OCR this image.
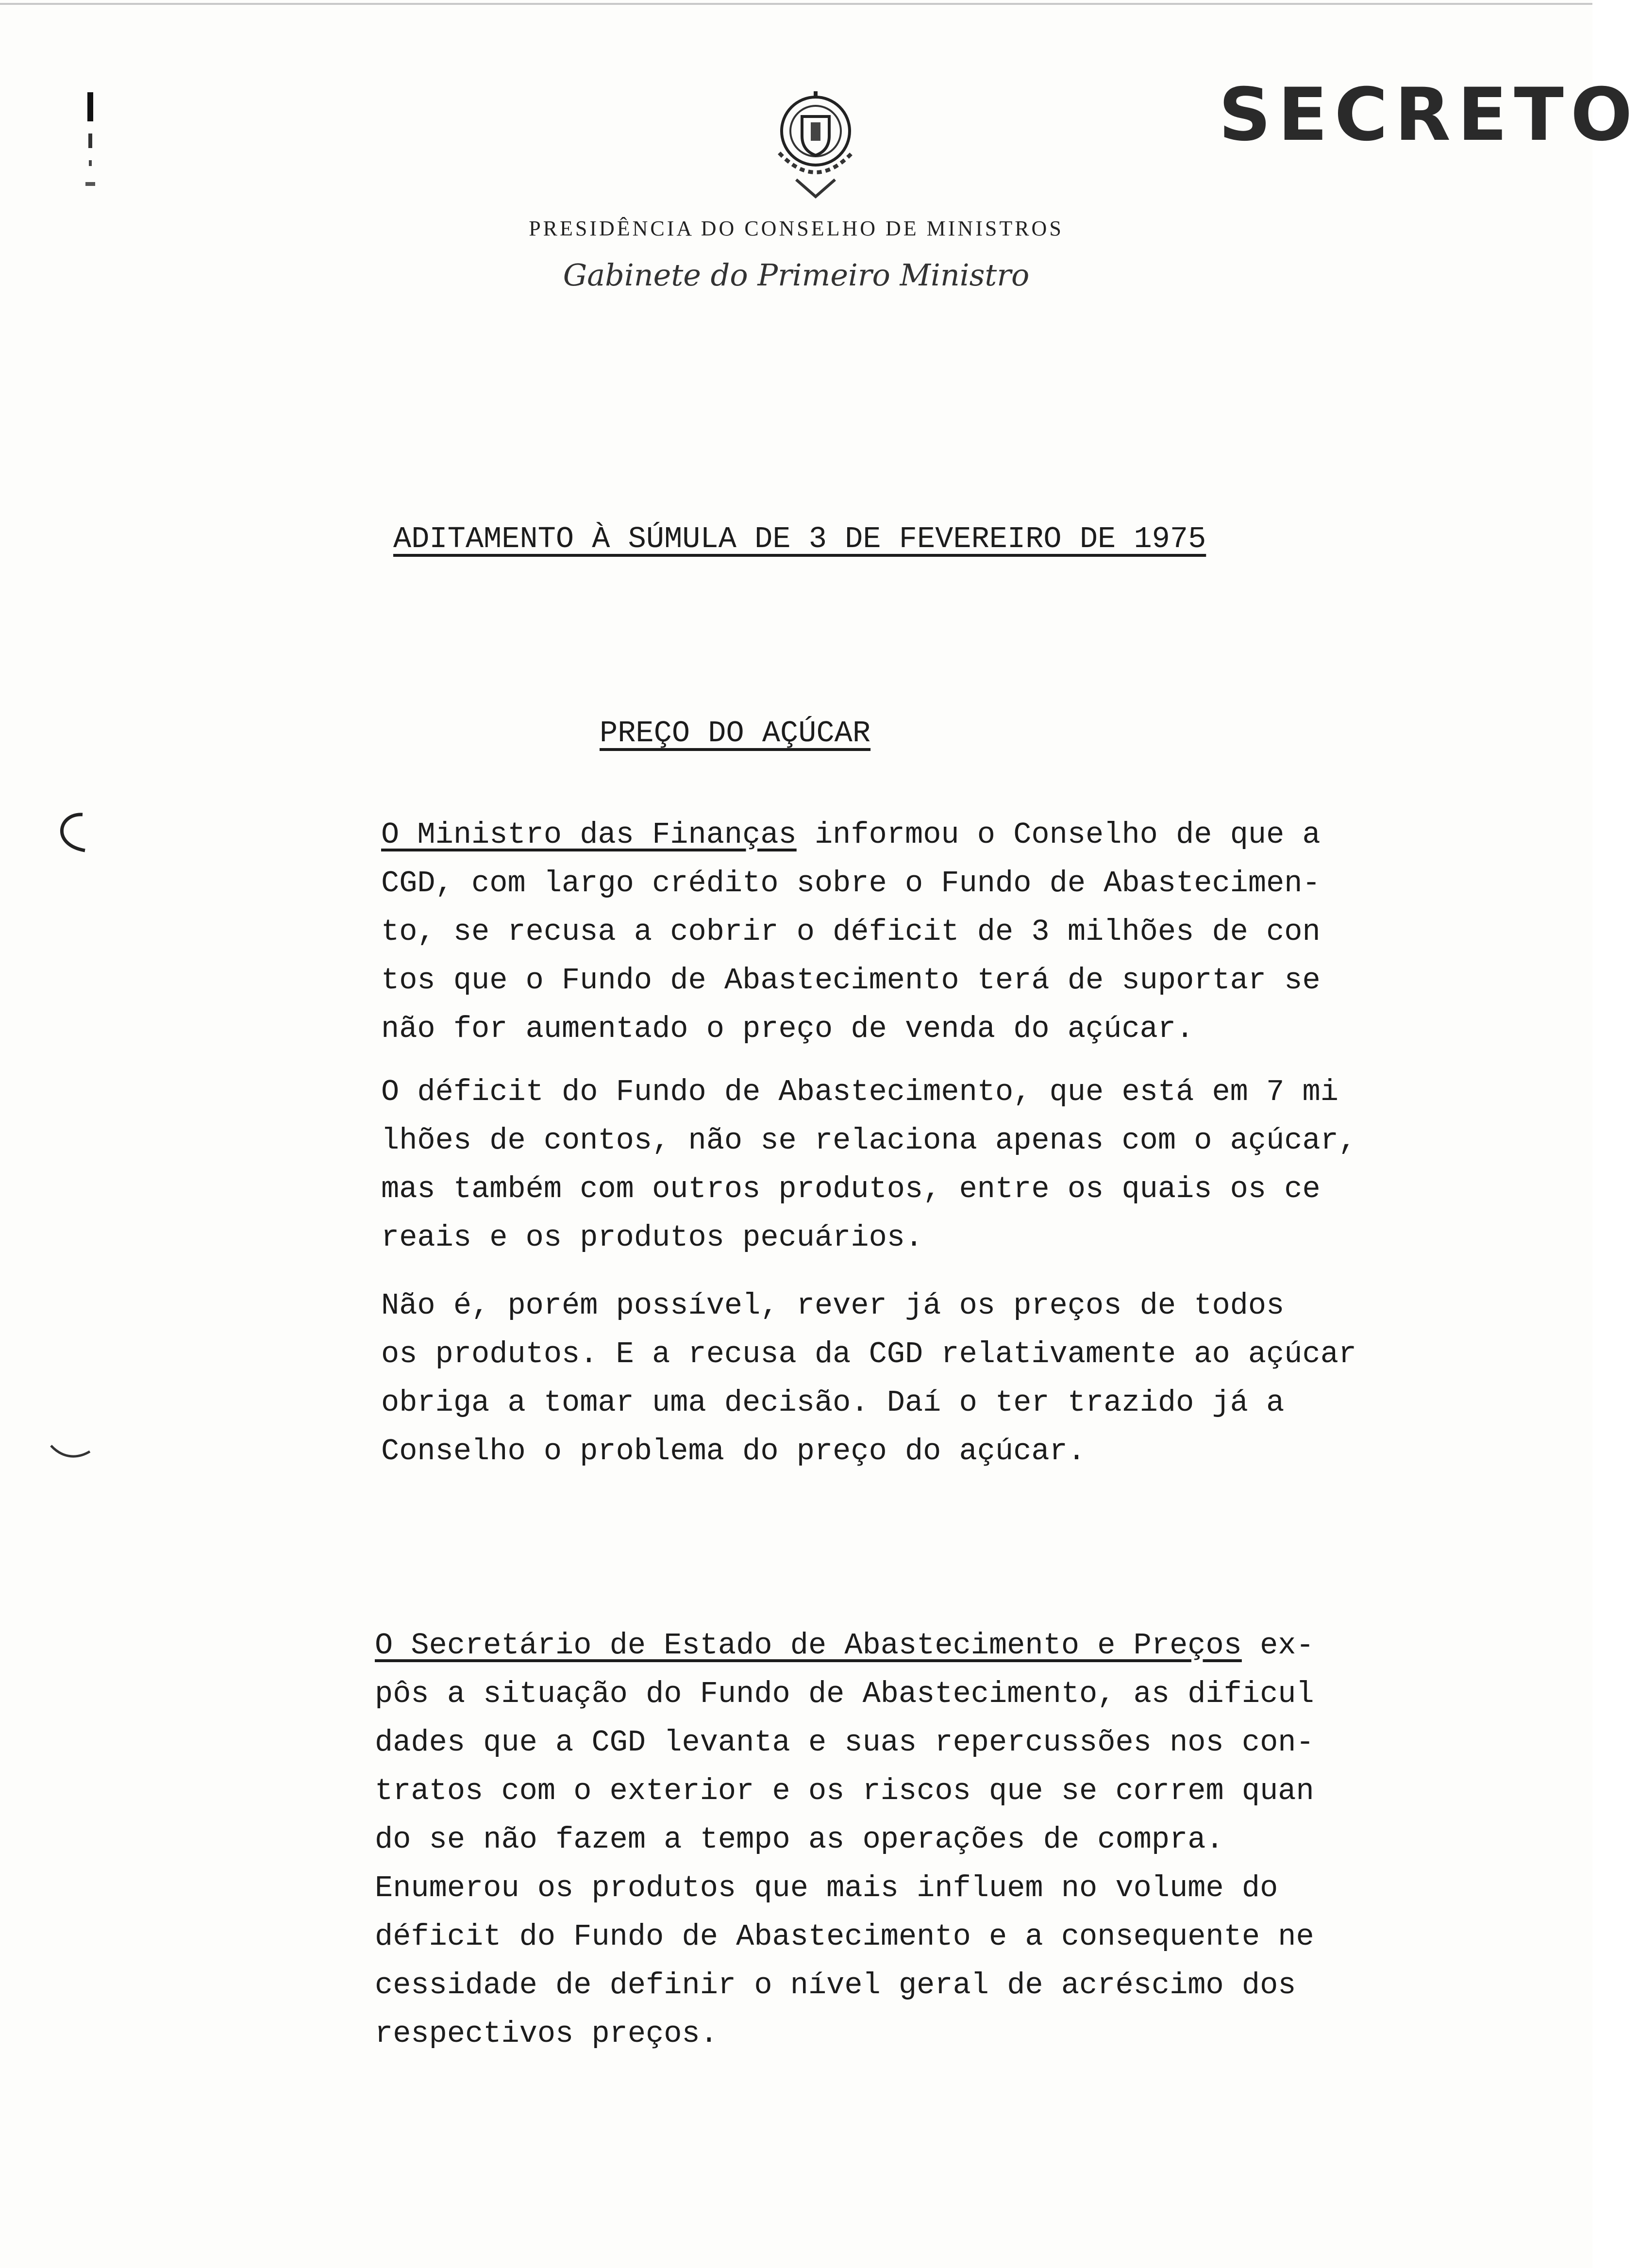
SECRETO
PRESIDÊNCIA DO CONSELHO DE MINISTROS
Gabinete do Primeiro Ministro
ADITAMENTO À SÚMULA DE 3 DE FEVEREIRO DE 1975
PREÇO DO AÇÚCAR
O Ministro das Finanças informou o Conselho de que a
CGD, com largo crédito sobre o Fundo de Abastecimen-
to, se recusa a cobrir o déficit de 3 milhões de con
tos que o Fundo de Abastecimento terá de suportar se
não for aumentado o preço de venda do açúcar.
O déficit do Fundo de Abastecimento, que está em 7 mi
lhões de contos, não se relaciona apenas com o açúcar,
mas também com outros produtos, entre os quais os ce
reais e os produtos pecuários.
Não é, porém possível, rever já os preços de todos
os produtos. E a recusa da CGD relativamente ao açúcar
obriga a tomar uma decisão. Daí o ter trazido já a
Conselho o problema do preço do açúcar.
O Secretário de Estado de Abastecimento e Preços ex-
pôs a situação do Fundo de Abastecimento, as dificul
dades que a CGD levanta e suas repercussões nos con-
tratos com o exterior e os riscos que se correm quan
do se não fazem a tempo as operações de compra.
Enumerou os produtos que mais influem no volume do
déficit do Fundo de Abastecimento e a consequente ne
cessidade de definir o nível geral de acréscimo dos
respectivos preços.
